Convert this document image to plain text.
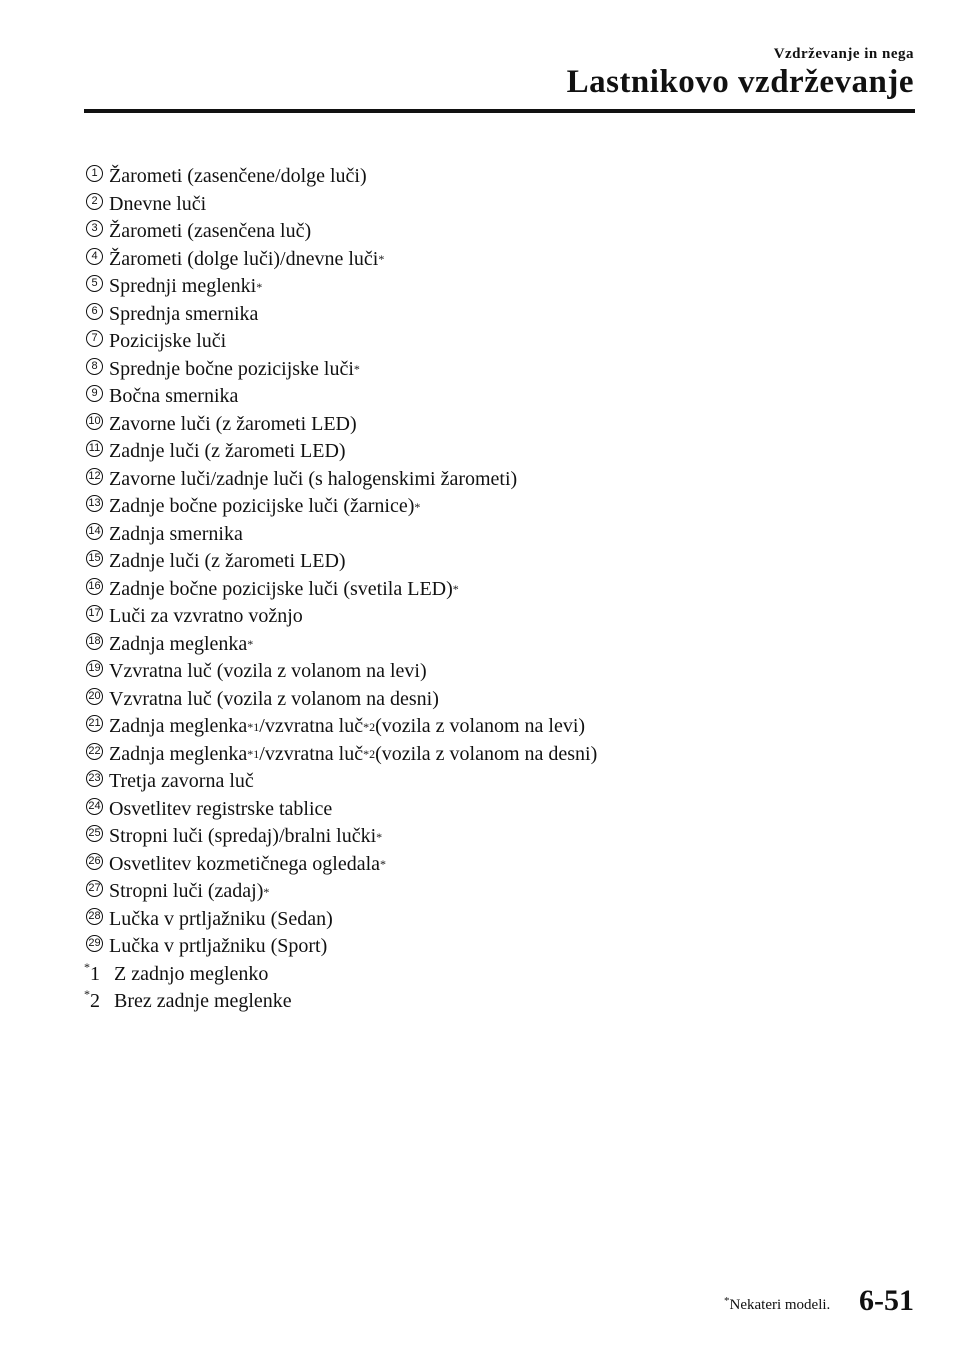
Vzdrževanje in nega
Lastnikovo vzdrževanje
1 Žarometi (zasenčene/dolge luči)
2 Dnevne luči
3 Žarometi (zasenčena luč)
4 Žarometi (dolge luči)/dnevne luči *
5 Sprednji meglenki *
6 Sprednja smernika
7 Pozicijske luči
8 Sprednje bočne pozicijske luči *
9 Bočna smernika
10 Zavorne luči (z žarometi LED)
11 Zadnje luči (z žarometi LED)
12 Zavorne luči/zadnje luči (s halogenskimi žarometi)
13 Zadnje bočne pozicijske luči (žarnice) *
14 Zadnja smernika
15 Zadnje luči (z žarometi LED)
16 Zadnje bočne pozicijske luči (svetila LED) *
17 Luči za vzvratno vožnjo
18 Zadnja meglenka *
19 Vzvratna luč (vozila z volanom na levi)
20 Vzvratna luč (vozila z volanom na desni)
21 Zadnja meglenka *1 /vzvratna luč *2 (vozila z volanom na levi)
22 Zadnja meglenka *1 /vzvratna luč *2 (vozila z volanom na desni)
23 Tretja zavorna luč
24 Osvetlitev registrske tablice
25 Stropni luči (spredaj)/bralni lučki *
26 Osvetlitev kozmetičnega ogledala *
27 Stropni luči (zadaj) *
28 Lučka v prtljažniku (Sedan)
29 Lučka v prtljažniku (Sport)
*1 Z zadnjo meglenko
*2 Brez zadnje meglenke
*Nekateri modeli. 6-51
